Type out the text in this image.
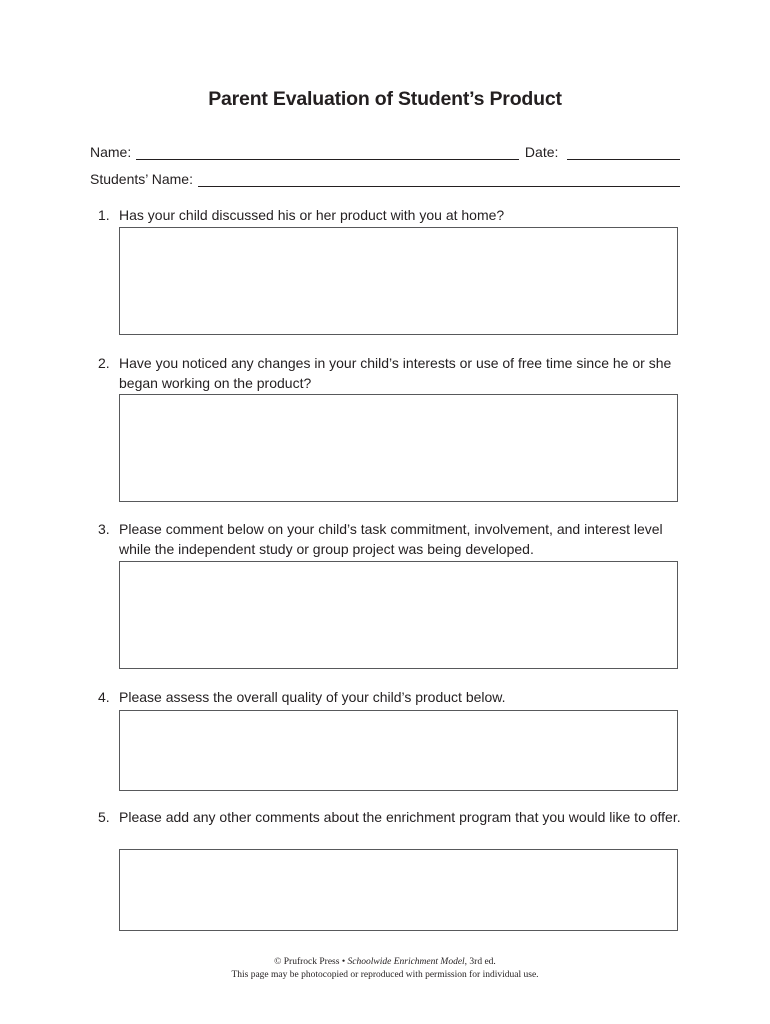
Parent Evaluation of Student’s Product
Name:	Date:
Students’ Name:
1. Has your child discussed his or her product with you at home?
2. Have you noticed any changes in your child’s interests or use of free time since he or she began working on the product?
3. Please comment below on your child’s task commitment, involvement, and interest level while the independent study or group project was being developed.
4. Please assess the overall quality of your child’s product below.
5. Please add any other comments about the enrichment program that you would like to offer.
© Prufrock Press • Schoolwide Enrichment Model, 3rd ed.
This page may be photocopied or reproduced with permission for individual use.
